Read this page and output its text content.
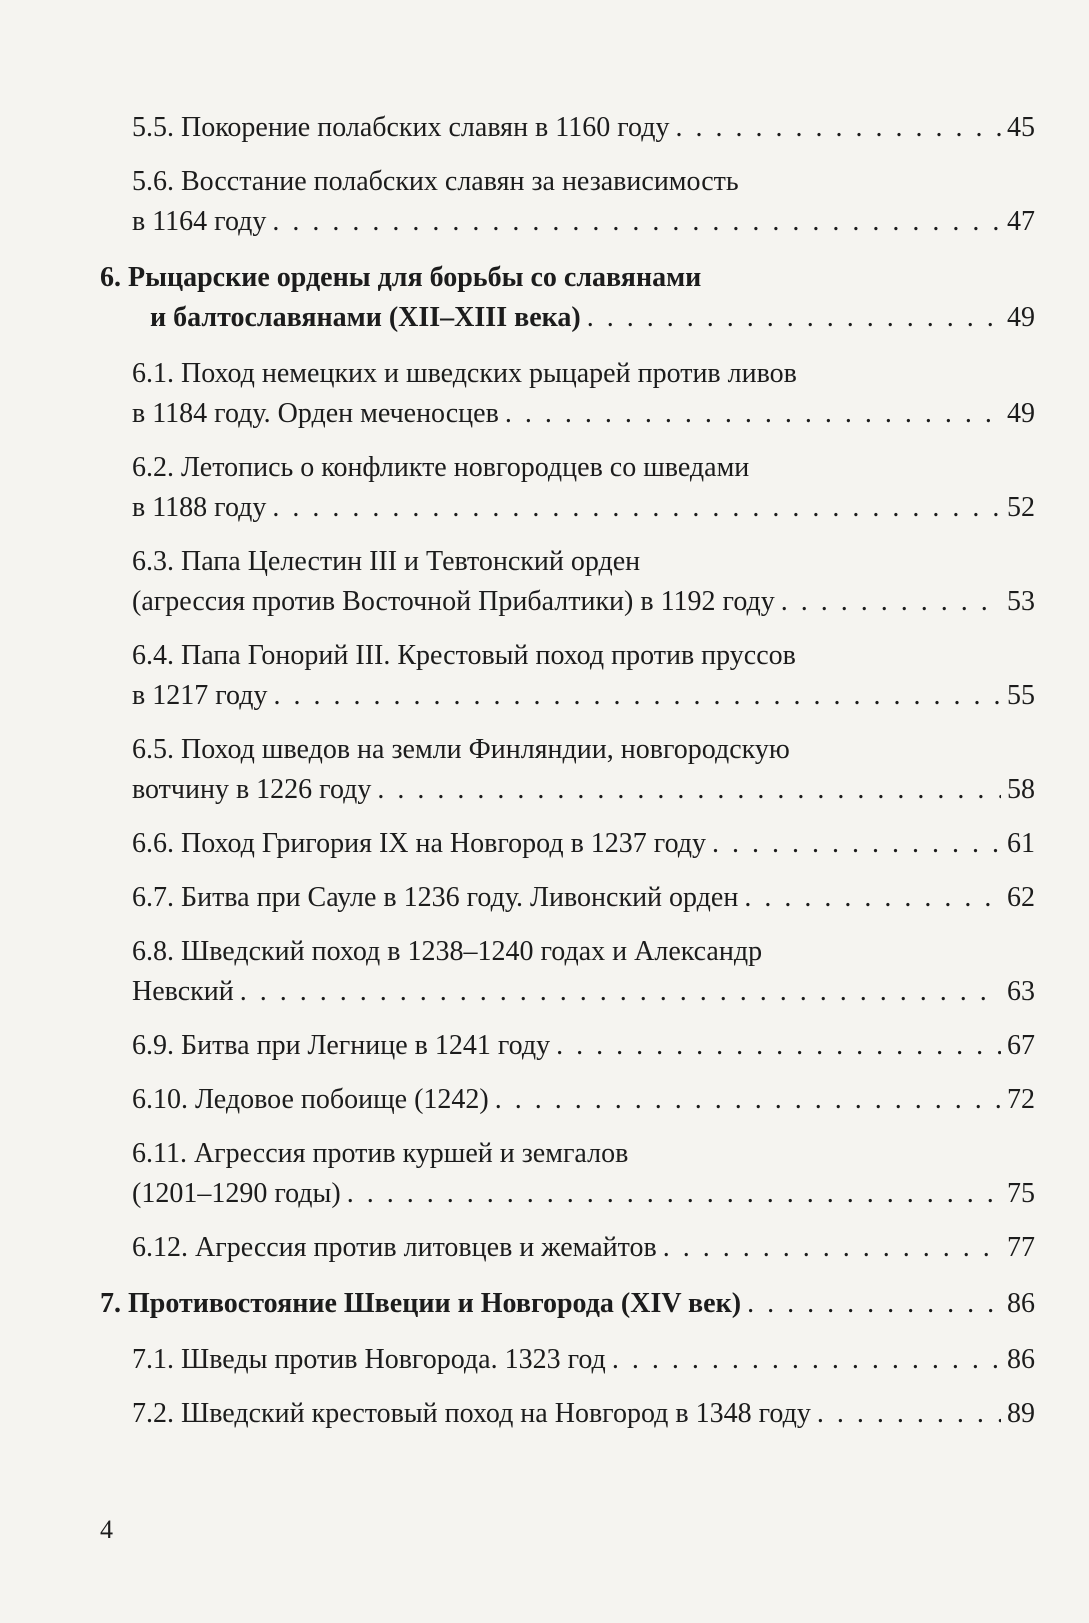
5.5. Покорение полабских славян в 1160 году . . .	45
5.6. Восстание полабских славян за независимость
в 1164 году . . .	47
6. Рыцарские ордены для борьбы со славянами
и балтославянами (XII–XIII века) . . .	49
6.1. Поход немецких и шведских рыцарей против ливов
в 1184 году. Орден меченосцев . . .	49
6.2. Летопись о конфликте новгородцев со шведами
в 1188 году . . .	52
6.3. Папа Целестин III и Тевтонский орден
(агрессия против Восточной Прибалтики) в 1192 году . . .	53
6.4. Папа Гонорий III. Крестовый поход против пруссов
в 1217 году . . .	55
6.5. Поход шведов на земли Финляндии, новгородскую
вотчину в 1226 году . . .	58
6.6. Поход Григория IX на Новгород в 1237 году . . .	61
6.7. Битва при Сауле в 1236 году. Ливонский орден . . .	62
6.8. Шведский поход в 1238–1240 годах и Александр
Невский . . .	63
6.9. Битва при Легнице в 1241 году . . .	67
6.10. Ледовое побоище (1242) . . .	72
6.11. Агрессия против куршей и земгалов
(1201–1290 годы) . . .	75
6.12. Агрессия против литовцев и жемайтов . . .	77
7. Противостояние Швеции и Новгорода (XIV век) . . .	86
7.1. Шведы против Новгорода. 1323 год . . .	86
7.2. Шведский крестовый поход на Новгород в 1348 году . . .	89
4
